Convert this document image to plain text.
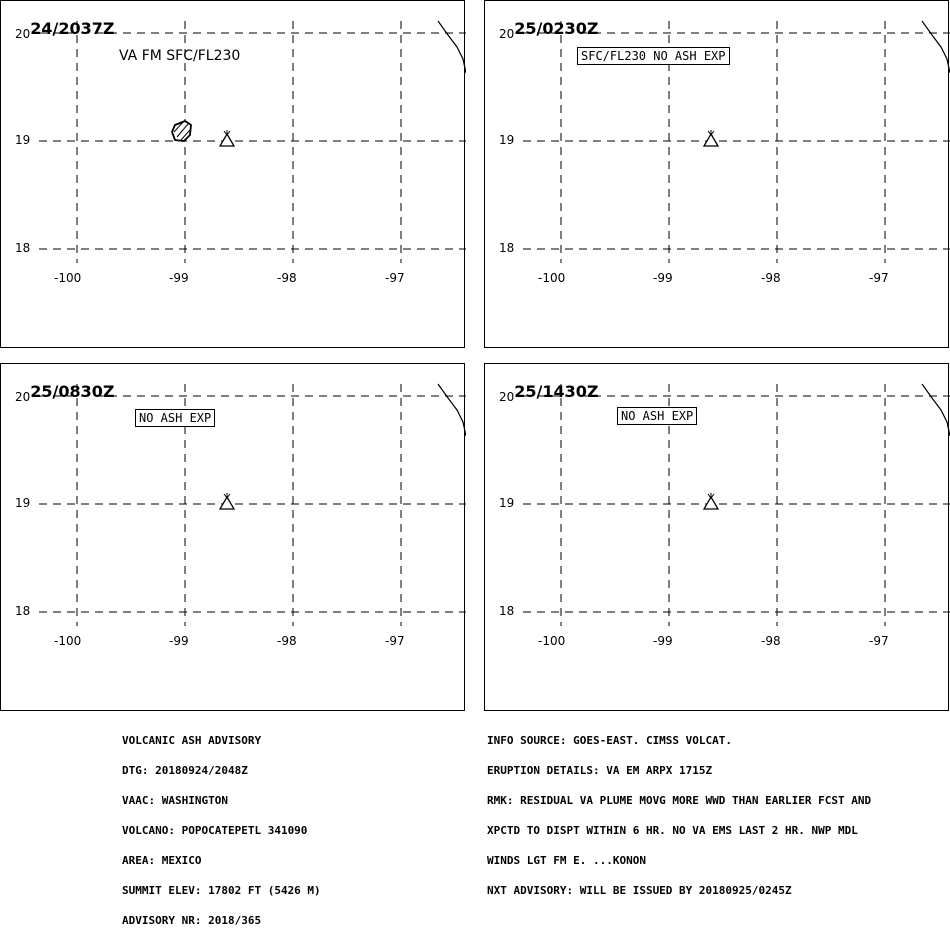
$_{20}$24/2037Z
VA FM SFC/FL230
19
18
-100	-99	-98	-97
$_{20}$25/0230Z
SFC/FL230 NO ASH EXP
19
18
-100	-99	-98	-97
$_{20}$25/0830Z
NO ASH EXP
19
18
-100	-99	-98	-97
$_{20}$25/1430Z
NO ASH EXP
19
18
-100	-99	-98	-97

VOLCANIC ASH ADVISORY

DTG: 20180924/2048Z

VAAC: WASHINGTON

VOLCANO: POPOCATEPETL 341090

AREA: MEXICO

SUMMIT ELEV: 17802 FT (5426 M)

ADVISORY NR: 2018/365

INFO SOURCE: GOES-EAST. CIMSS VOLCAT.

ERUPTION DETAILS: VA EM ARPX 1715Z

RMK: RESIDUAL VA PLUME MOVG MORE WWD THAN EARLIER FCST AND

XPCTD TO DISPT WITHIN 6 HR. NO VA EMS LAST 2 HR. NWP MDL

WINDS LGT FM E. ...KONON

NXT ADVISORY: WILL BE ISSUED BY 20180925/0245Z
